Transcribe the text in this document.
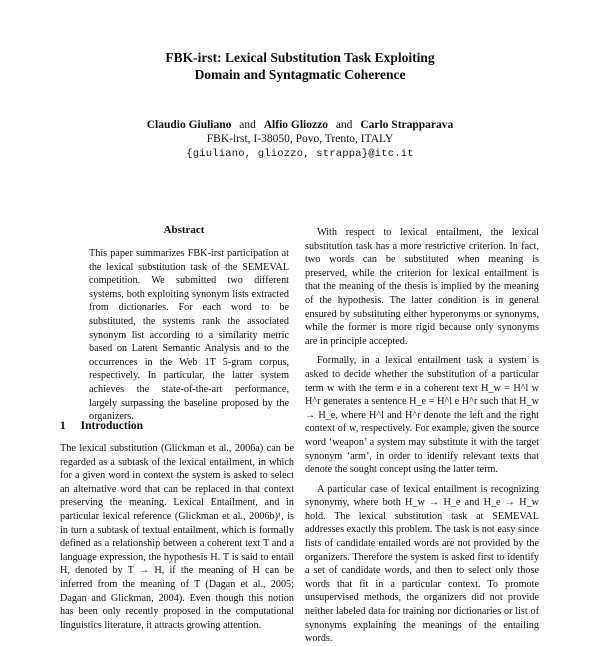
FBK-irst: Lexical Substitution Task Exploiting
Domain and Syntagmatic Coherence
Claudio Giuliano and Alfio Gliozzo and Carlo Strapparava
FBK-irst, I-38050, Povo, Trento, ITALY
{giuliano, gliozzo, strappa}@itc.it
Abstract
This paper summarizes FBK-irst participation at the lexical substitution task of the SEMEVAL competition. We submitted two different systems, both exploiting synonym lists extracted from dictionaries. For each word to be substituted, the systems rank the associated synonym list according to a similarity metric based on Latent Semantic Analysis and to the occurrences in the Web 1T 5-gram corpus, respectively. In particular, the latter system achieves the state-of-the-art performance, largely surpassing the baseline proposed by the organizers.
1 Introduction

The lexical substitution (Glickman et al., 2006a) can be regarded as a subtask of the lexical entailment, in which for a given word in context the system is asked to select an alternative word that can be replaced in that context preserving the meaning. Lexical Entailment, and in particular lexical reference (Glickman et al., 2006b)¹, is in turn a subtask of textual entailment, which is formally defined as a relationship between a coherent text T and a language expression, the hypothesis H. T is said to entail H, denoted by T → H, if the meaning of H can be inferred from the meaning of T (Dagan et al., 2005; Dagan and Glickman, 2004). Even though this notion has been only recently proposed in the computational linguistics literature, it attracts growing attention.

With respect to lexical entailment, the lexical substitution task has a more restrictive criterion. In fact, two words can be substituted when meaning is preserved, while the criterion for lexical entailment is that the meaning of the thesis is implied by the meaning of the hypothesis. The latter condition is in general ensured by substituting either hyperonyms or synonyms, while the former is more rigid because only synonyms are in principle accepted.

Formally, in a lexical entailment task a system is asked to decide whether the substitution of a particular term w with the term e in a coherent text H_w = H^l w H^r generates a sentence H_e = H^l e H^r such that H_w → H_e, where H^l and H^r denote the left and the right context of w, respectively. For example, given the source word ‘weapon’ a system may substitute it with the target synonym ‘arm’, in order to identify relevant texts that denote the sought concept using the latter term.

A particular case of lexical entailment is recognizing synonymy, where both H_w → H_e and H_e → H_w hold. The lexical substitution task at SEMEVAL addresses exactly this problem. The task is not easy since lists of candidate entailed words are not provided by the organizers. Therefore the system is asked first to identify a set of candidate words, and then to select only those words that fit in a particular context. To promote unsupervised methods, the organizers did not provide neither labeled data for training nor dictionaries or list of synonyms explaining the meanings of the entailing words.
